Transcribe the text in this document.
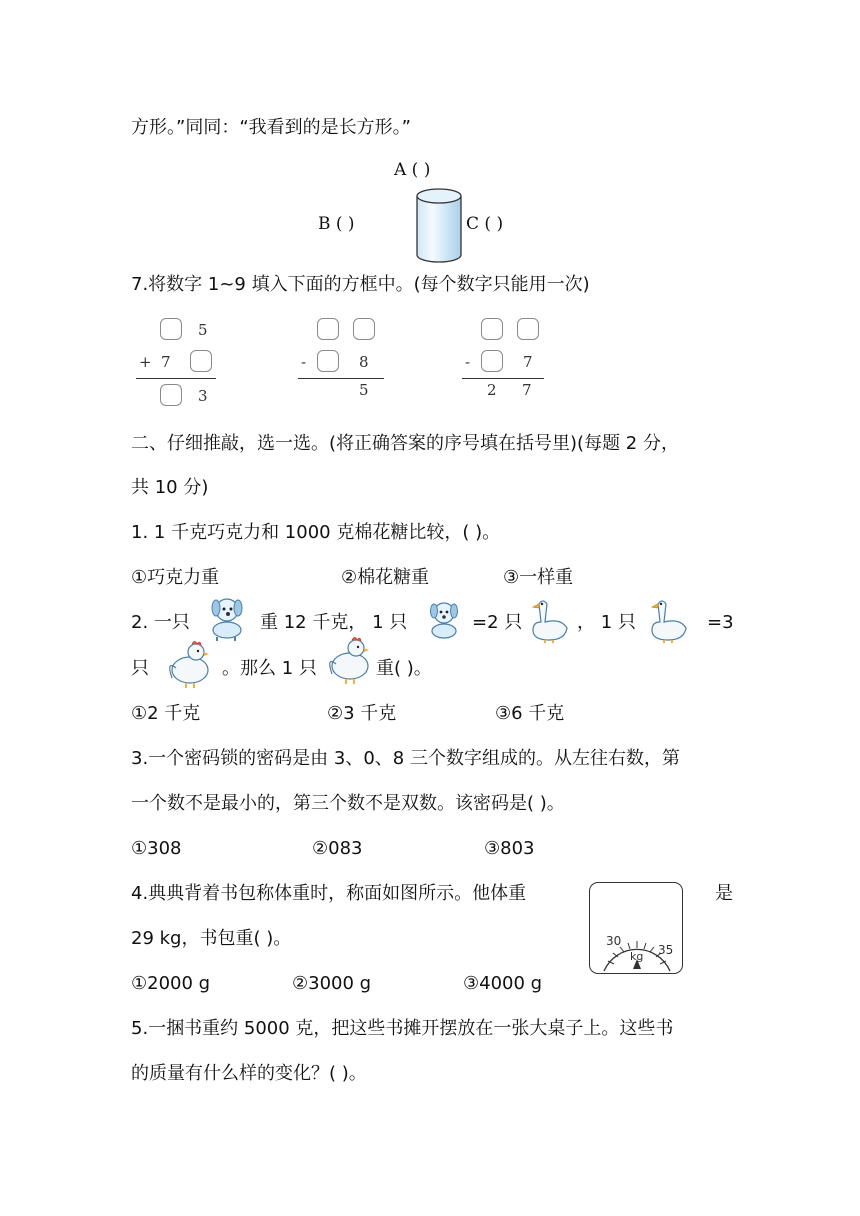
方形。”同同：“我看到的是长方形。”
A ( )
B ( )	C ( )
7.将数字 1~9 填入下面的方框中。(每个数字只能用一次)
5
+ 7
3
-	8
5
-	7
2 7
二、仔细推敲，选一选。(将正确答案的序号填在括号里)(每题 2 分，
共 10 分)
1. 1 千克巧克力和 1000 克棉花糖比较，( )。
①巧克力重	②棉花糖重	③一样重
2. 一只	重 12 千克， 1 只	=2 只	， 1 只	=3
只	。那么 1 只	重( )。
①2 千克	②3 千克	③6 千克
3.一个密码锁的密码是由 3、0、8 三个数字组成的。从左往右数，第
一个数不是最小的，第三个数不是双数。该密码是( )。
①308	②083	③803
4.典典背着书包称体重时，称面如图所示。他体重	是
29 kg，书包重( )。
①2000 g	②3000 g	③4000 g
30
35
kg
5.一捆书重约 5000 克，把这些书摊开摆放在一张大桌子上。这些书
的质量有什么样的变化？( )。
